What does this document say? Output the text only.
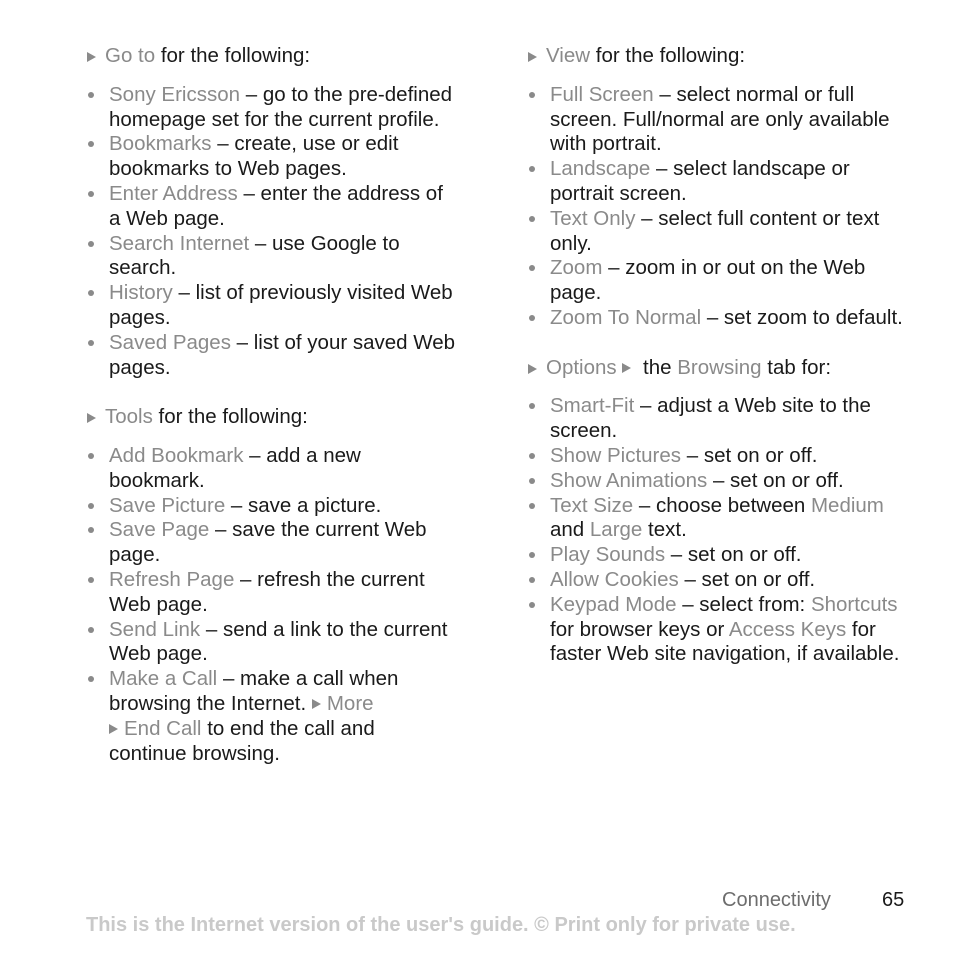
Go to for the following:

Sony Ericsson – go to the pre-defined homepage set for the current profile.
Bookmarks – create, use or edit bookmarks to Web pages.
Enter Address – enter the address of a Web page.
Search Internet – use Google to search.
History – list of previously visited Web pages.
Saved Pages – list of your saved Web pages.

Tools for the following:

Add Bookmark – add a new bookmark.
Save Picture – save a picture.
Save Page – save the current Web page.
Refresh Page – refresh the current Web page.
Send Link – send a link to the current Web page.
Make a Call – make a call when browsing the Internet. More
End Call to end the call and continue browsing.

View for the following:

Full Screen – select normal or full screen. Full/normal are only available with portrait.
Landscape – select landscape or portrait screen.
Text Only – select full content or text only.
Zoom – zoom in or out on the Web page.
Zoom To Normal – set zoom to default.

Options  the Browsing tab for:

Smart-Fit – adjust a Web site to the screen.
Show Pictures – set on or off.
Show Animations – set on or off.
Text Size – choose between Medium and Large text.
Play Sounds – set on or off.
Allow Cookies – set on or off.
Keypad Mode – select from: Shortcuts for browser keys or Access Keys for faster Web site navigation, if available.
Connectivity	65
This is the Internet version of the user's guide. © Print only for private use.
